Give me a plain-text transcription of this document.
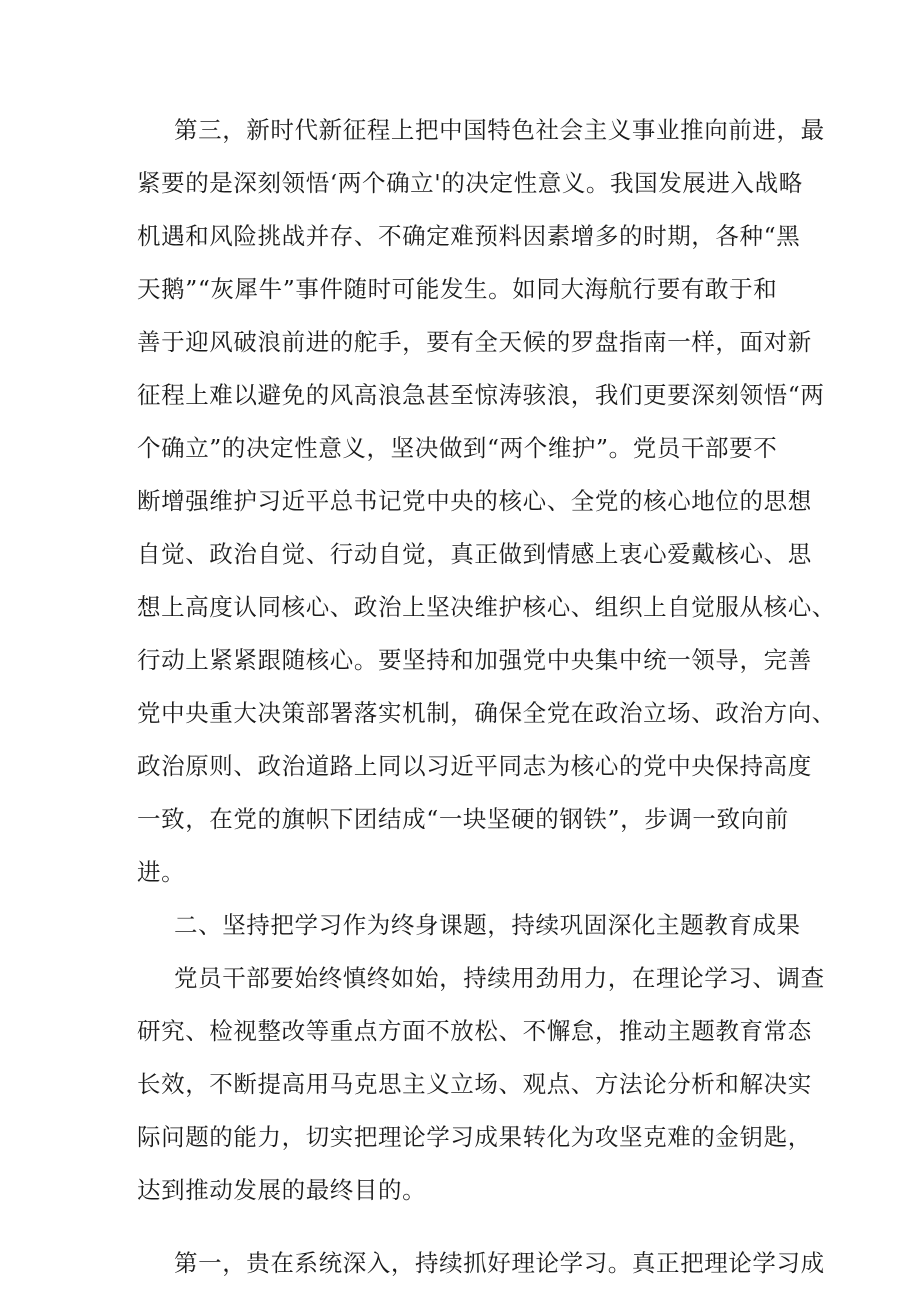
第三，新时代新征程上把中国特色社会主义事业推向前进，最
紧要的是深刻领悟‘两个确立'的决定性意义。我国发展进入战略
机遇和风险挑战并存、不确定难预料因素增多的时期，各种“黑
天鹅”“灰犀牛”事件随时可能发生。如同大海航行要有敢于和
善于迎风破浪前进的舵手，要有全天候的罗盘指南一样，面对新
征程上难以避免的风高浪急甚至惊涛骇浪，我们更要深刻领悟“两
个确立”的决定性意义，坚决做到“两个维护”。党员干部要不
断增强维护习近平总书记党中央的核心、全党的核心地位的思想
自觉、政治自觉、行动自觉，真正做到情感上衷心爱戴核心、思
想上高度认同核心、政治上坚决维护核心、组织上自觉服从核心、
行动上紧紧跟随核心。要坚持和加强党中央集中统一领导，完善
党中央重大决策部署落实机制，确保全党在政治立场、政治方向、
政治原则、政治道路上同以习近平同志为核心的党中央保持高度
一致，在党的旗帜下团结成“一块坚硬的钢铁”，步调一致向前
进。
二、坚持把学习作为终身课题，持续巩固深化主题教育成果
党员干部要始终慎终如始，持续用劲用力，在理论学习、调查
研究、检视整改等重点方面不放松、不懈怠，推动主题教育常态
长效，不断提高用马克思主义立场、观点、方法论分析和解决实
际问题的能力，切实把理论学习成果转化为攻坚克难的金钥匙，
达到推动发展的最终目的。
第一，贵在系统深入，持续抓好理论学习。真正把理论学习成
